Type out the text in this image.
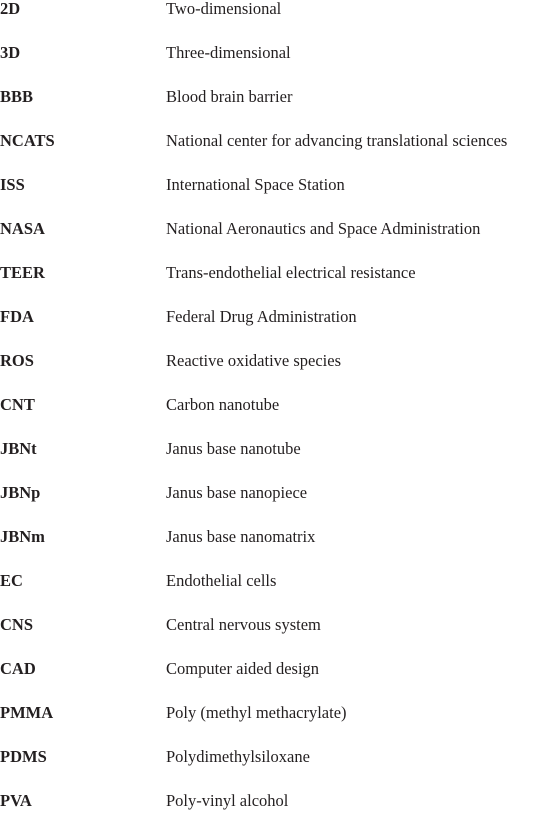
2D	Two-dimensional
3D	Three-dimensional
BBB	Blood brain barrier
NCATS	National center for advancing translational sciences
ISS	International Space Station
NASA	National Aeronautics and Space Administration
TEER	Trans-endothelial electrical resistance
FDA	Federal Drug Administration
ROS	Reactive oxidative species
CNT	Carbon nanotube
JBNt	Janus base nanotube
JBNp	Janus base nanopiece
JBNm	Janus base nanomatrix
EC	Endothelial cells
CNS	Central nervous system
CAD	Computer aided design
PMMA	Poly (methyl methacrylate)
PDMS	Polydimethylsiloxane
PVA	Poly-vinyl alcohol
